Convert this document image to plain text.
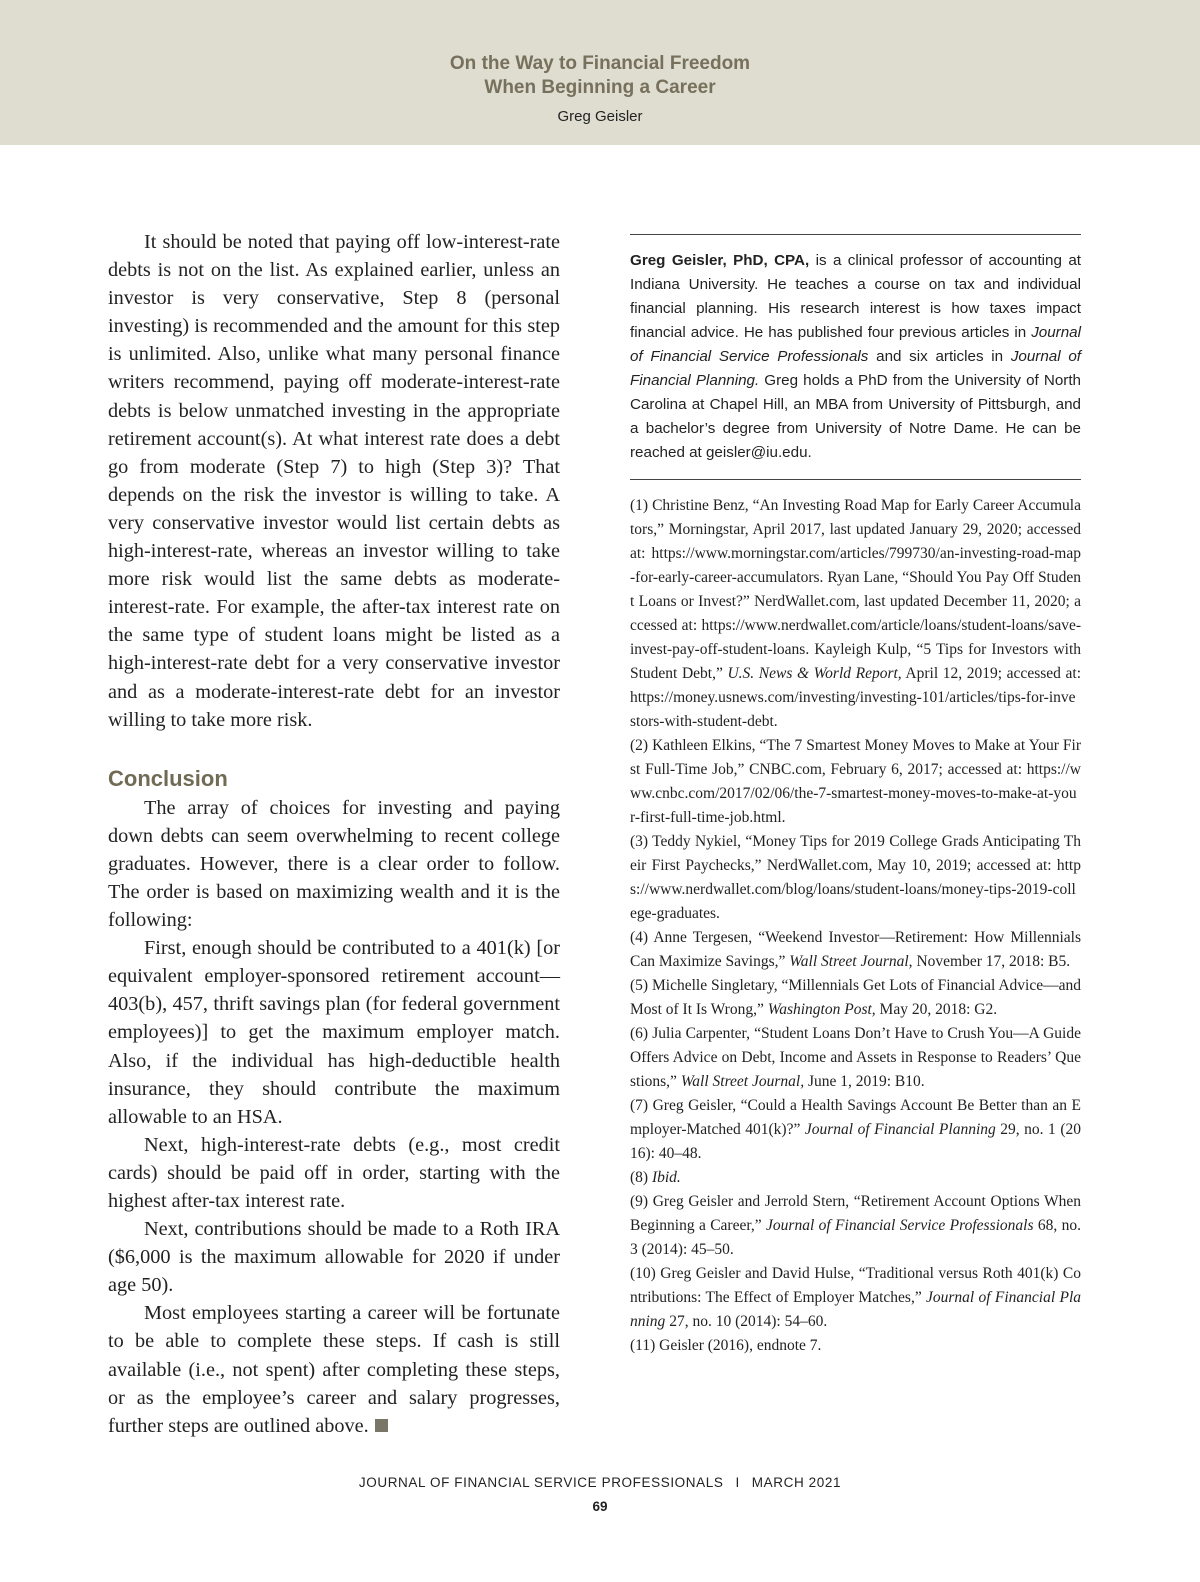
On the Way to Financial Freedom
When Beginning a Career
Greg Geisler

It should be noted that paying off low-interest-rate debts is not on the list. As explained earlier, unless an investor is very conservative, Step 8 (personal investing) is recommended and the amount for this step is unlimited. Also, unlike what many personal finance writers recommend, paying off moderate-interest-rate debts is below unmatched investing in the appropriate retirement account(s). At what interest rate does a debt go from moderate (Step 7) to high (Step 3)? That depends on the risk the investor is willing to take. A very conservative investor would list certain debts as high-interest-rate, whereas an investor willing to take more risk would list the same debts as moderate-interest-rate. For example, the after-tax interest rate on the same type of student loans might be listed as a high-interest-rate debt for a very conservative investor and as a moderate-interest-rate debt for an investor willing to take more risk.

Conclusion

The array of choices for investing and paying down debts can seem overwhelming to recent college graduates. However, there is a clear order to follow. The order is based on maximizing wealth and it is the following:

First, enough should be contributed to a 401(k) [or equivalent employer-sponsored retirement account—403(b), 457, thrift savings plan (for federal government employees)] to get the maximum employer match. Also, if the individual has high-deductible health insurance, they should contribute the maximum allowable to an HSA.

Next, high-interest-rate debts (e.g., most credit cards) should be paid off in order, starting with the highest after-tax interest rate.

Next, contributions should be made to a Roth IRA ($6,000 is the maximum allowable for 2020 if under age 50).

Most employees starting a career will be fortunate to be able to complete these steps. If cash is still available (i.e., not spent) after completing these steps, or as the employee’s career and salary progresses, further steps are outlined above.

Greg Geisler, PhD, CPA, is a clinical professor of accounting at Indiana University. He teaches a course on tax and individual financial planning. His research interest is how taxes impact financial advice. He has published four previous articles in Journal of Financial Service Professionals and six articles in Journal of Financial Planning. Greg holds a PhD from the University of North Carolina at Chapel Hill, an MBA from University of Pittsburgh, and a bachelor’s degree from University of Notre Dame. He can be reached at geisler@iu.edu.

(1) Christine Benz, “An Investing Road Map for Early Career Accumulators,” Morningstar, April 2017, last updated January 29, 2020; accessed at: https://www.morningstar.com/articles/799730/an-investing-road-map-for-early-career-accumulators. Ryan Lane, “Should You Pay Off Student Loans or Invest?” NerdWallet.com, last updated December 11, 2020; accessed at: https://www.nerdwallet.com/article/loans/student-loans/save-invest-pay-off-student-loans. Kayleigh Kulp, “5 Tips for Investors with Student Debt,” U.S. News & World Report, April 12, 2019; accessed at: https://money.usnews.com/investing/investing-101/articles/tips-for-investors-with-student-debt.

(2) Kathleen Elkins, “The 7 Smartest Money Moves to Make at Your First Full-Time Job,” CNBC.com, February 6, 2017; accessed at: https://www.cnbc.com/2017/02/06/the-7-smartest-money-moves-to-make-at-your-first-full-time-job.html.

(3) Teddy Nykiel, “Money Tips for 2019 College Grads Anticipating Their First Paychecks,” NerdWallet.com, May 10, 2019; accessed at: https://www.nerdwallet.com/blog/loans/student-loans/money-tips-2019-college-graduates.

(4) Anne Tergesen, “Weekend Investor—Retirement: How Millennials Can Maximize Savings,” Wall Street Journal, November 17, 2018: B5.

(5) Michelle Singletary, “Millennials Get Lots of Financial Advice—and Most of It Is Wrong,” Washington Post, May 20, 2018: G2.

(6) Julia Carpenter, “Student Loans Don’t Have to Crush You—A Guide Offers Advice on Debt, Income and Assets in Response to Readers’ Questions,” Wall Street Journal, June 1, 2019: B10.

(7) Greg Geisler, “Could a Health Savings Account Be Better than an Employer-Matched 401(k)?” Journal of Financial Planning 29, no. 1 (2016): 40–48.

(8) Ibid.

(9) Greg Geisler and Jerrold Stern, “Retirement Account Options When Beginning a Career,” Journal of Financial Service Professionals 68, no. 3 (2014): 45–50.

(10) Greg Geisler and David Hulse, “Traditional versus Roth 401(k) Contributions: The Effect of Employer Matches,” Journal of Financial Planning 27, no. 10 (2014): 54–60.

(11) Geisler (2016), endnote 7.

JOURNAL OF FINANCIAL SERVICE PROFESSIONALS I MARCH 2021
69
